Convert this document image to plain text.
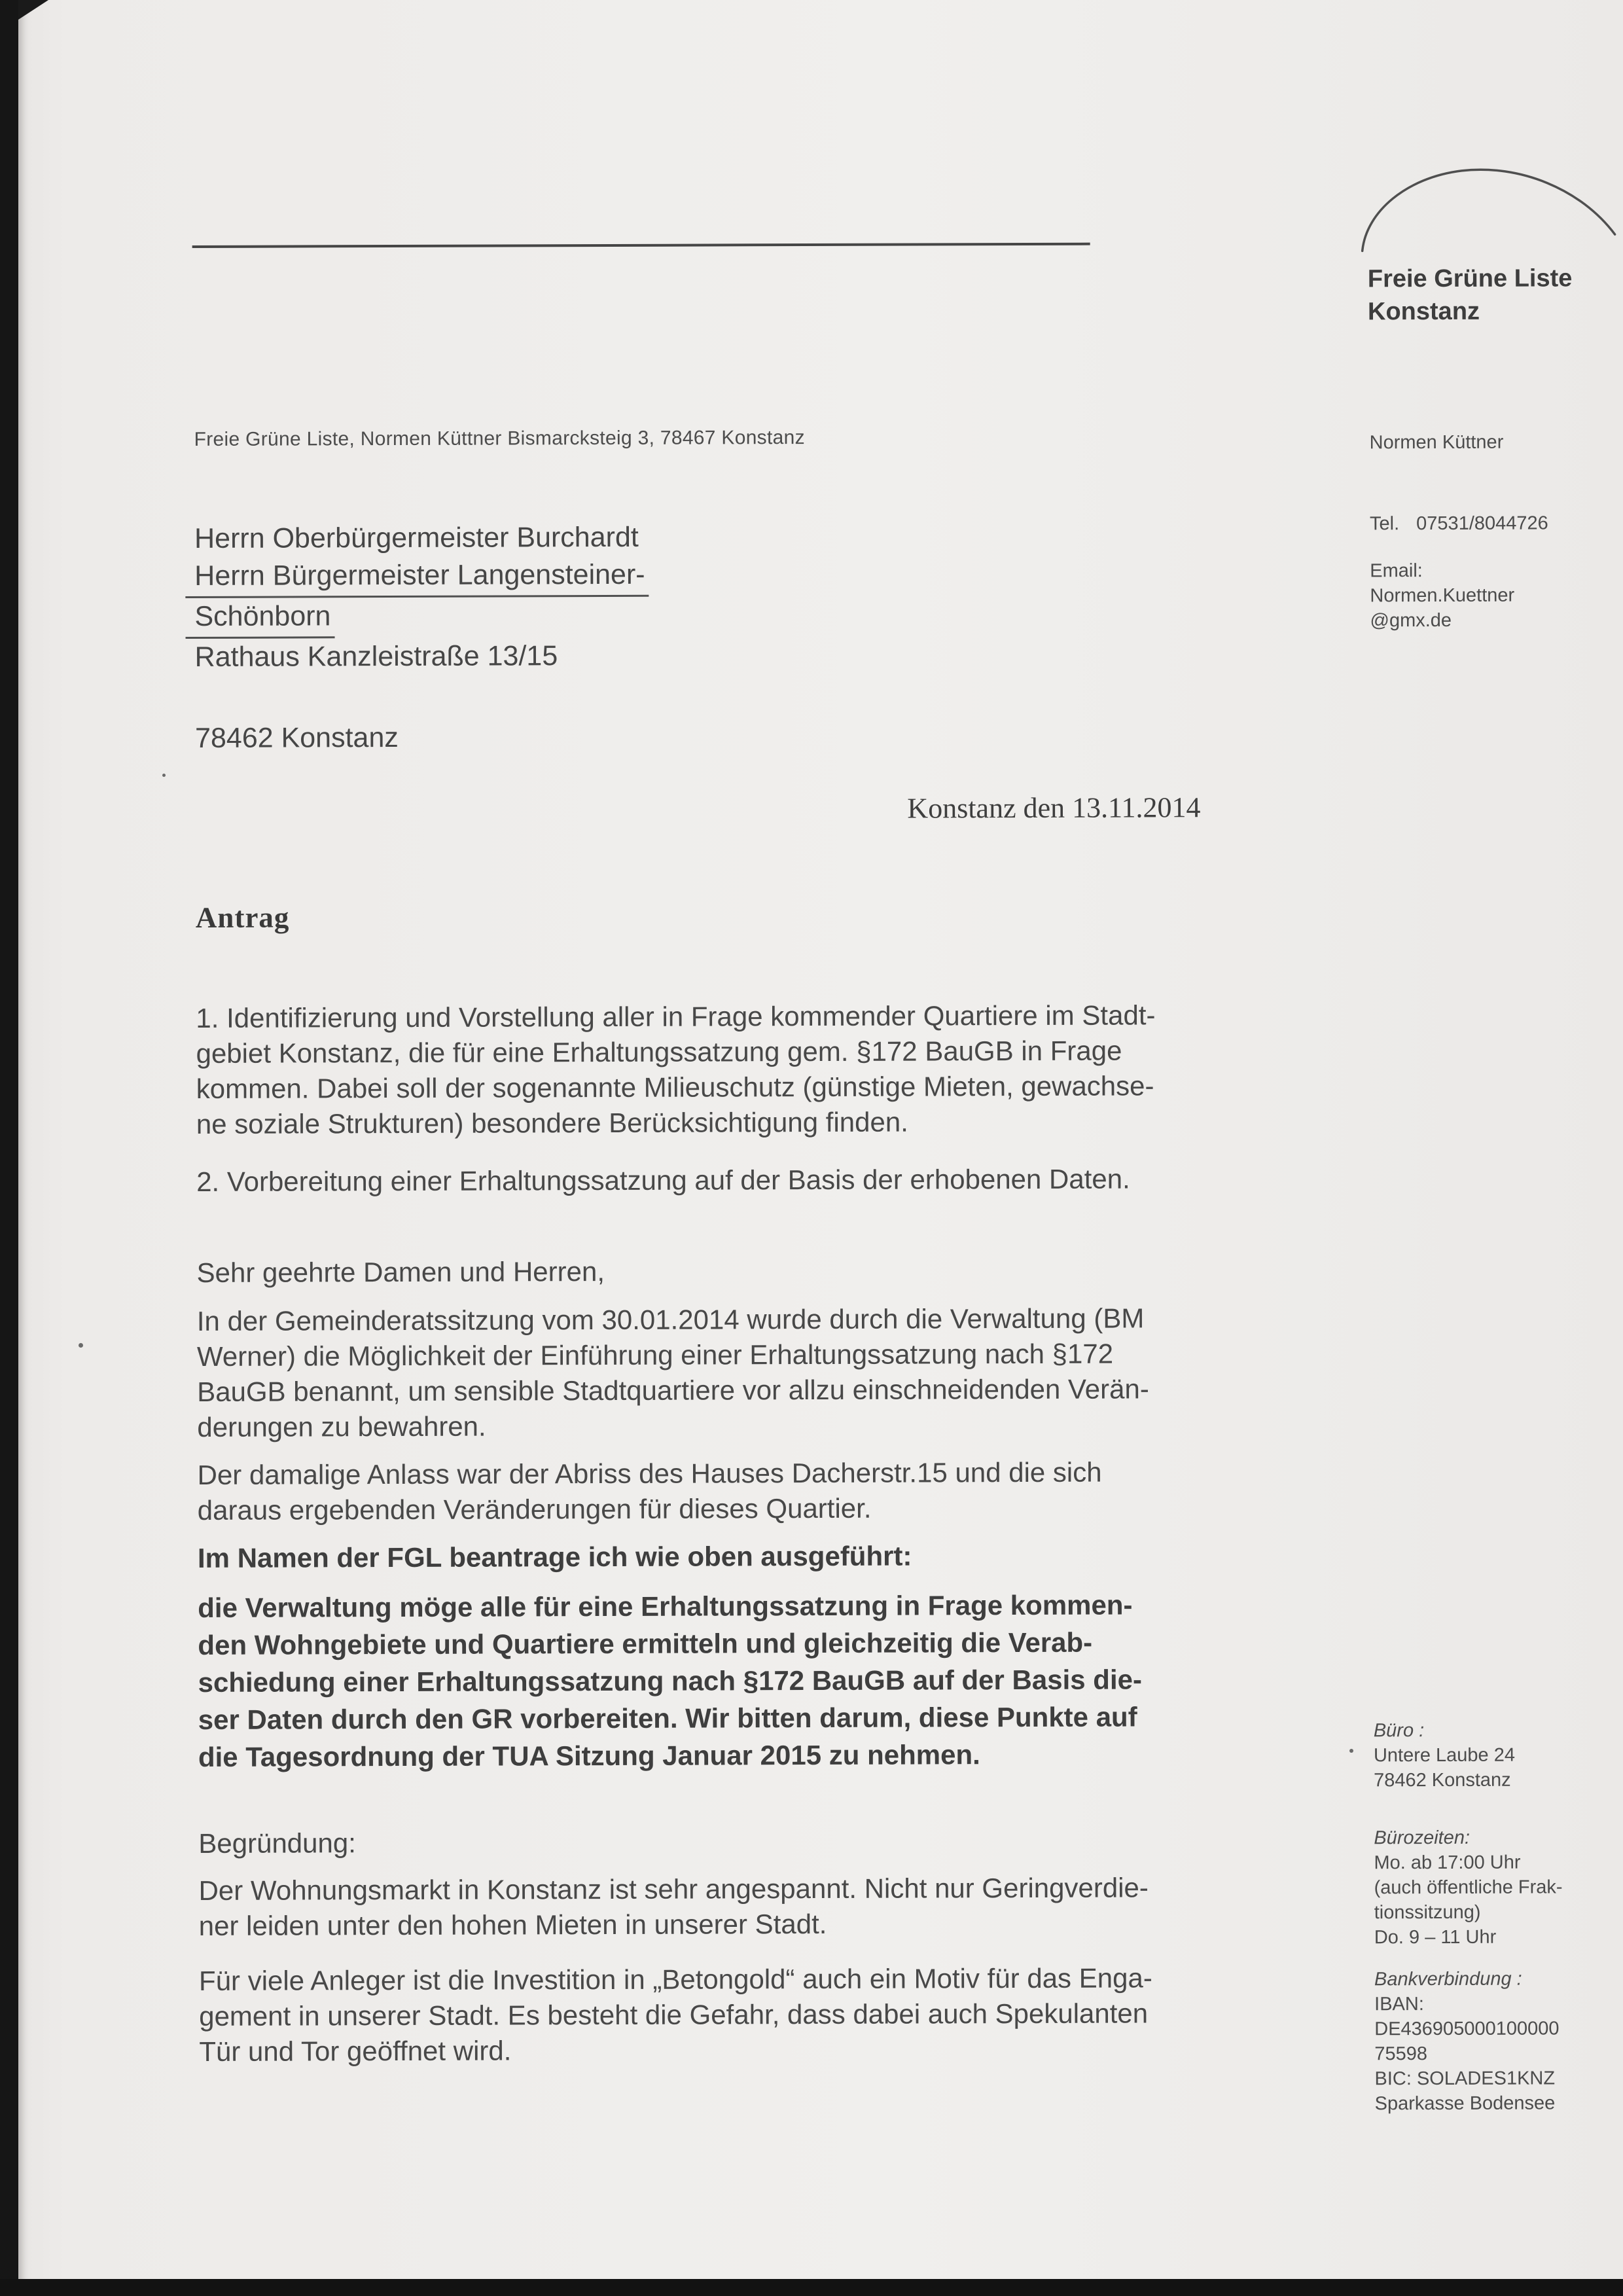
Freie Grüne Liste
Konstanz
Freie Grüne Liste, Normen Küttner Bismarcksteig 3, 78467 Konstanz	Normen Küttner
Tel. 07531/8044726
Email:
Normen.Kuettner
@gmx.de
Herrn Oberbürgermeister Burchardt
Herrn Bürgermeister Langensteiner-
Schönborn
Rathaus Kanzleistraße 13/15
78462 Konstanz
Konstanz den 13.11.2014
Antrag

1. Identifizierung und Vorstellung aller in Frage kommender Quartiere im Stadt-
gebiet Konstanz, die für eine Erhaltungssatzung gem. §172 BauGB in Frage
kommen. Dabei soll der sogenannte Milieuschutz (günstige Mieten, gewachse-
ne soziale Strukturen) besondere Berücksichtigung finden.

2. Vorbereitung einer Erhaltungssatzung auf der Basis der erhobenen Daten.

Sehr geehrte Damen und Herren,

In der Gemeinderatssitzung vom 30.01.2014 wurde durch die Verwaltung (BM
Werner) die Möglichkeit der Einführung einer Erhaltungssatzung nach §172
BauGB benannt, um sensible Stadtquartiere vor allzu einschneidenden Verän-
derungen zu bewahren.

Der damalige Anlass war der Abriss des Hauses Dacherstr.15 und die sich
daraus ergebenden Veränderungen für dieses Quartier.

Im Namen der FGL beantrage ich wie oben ausgeführt:

die Verwaltung möge alle für eine Erhaltungssatzung in Frage kommen-
den Wohngebiete und Quartiere ermitteln und gleichzeitig die Verab-
schiedung einer Erhaltungssatzung nach §172 BauGB auf der Basis die-
ser Daten durch den GR vorbereiten. Wir bitten darum, diese Punkte auf
die Tagesordnung der TUA Sitzung Januar 2015 zu nehmen.

Begründung:

Der Wohnungsmarkt in Konstanz ist sehr angespannt. Nicht nur Geringverdie-
ner leiden unter den hohen Mieten in unserer Stadt.

Für viele Anleger ist die Investition in „Betongold“ auch ein Motiv für das Enga-
gement in unserer Stadt. Es besteht die Gefahr, dass dabei auch Spekulanten
Tür und Tor geöffnet wird.

Büro :
Untere Laube 24
78462 Konstanz
Bürozeiten:
Mo. ab 17:00 Uhr
(auch öffentliche Frak-
tionssitzung)
Do. 9 – 11 Uhr
Bankverbindung :
IBAN:
DE436905000100000
75598
BIC: SOLADES1KNZ
Sparkasse Bodensee
